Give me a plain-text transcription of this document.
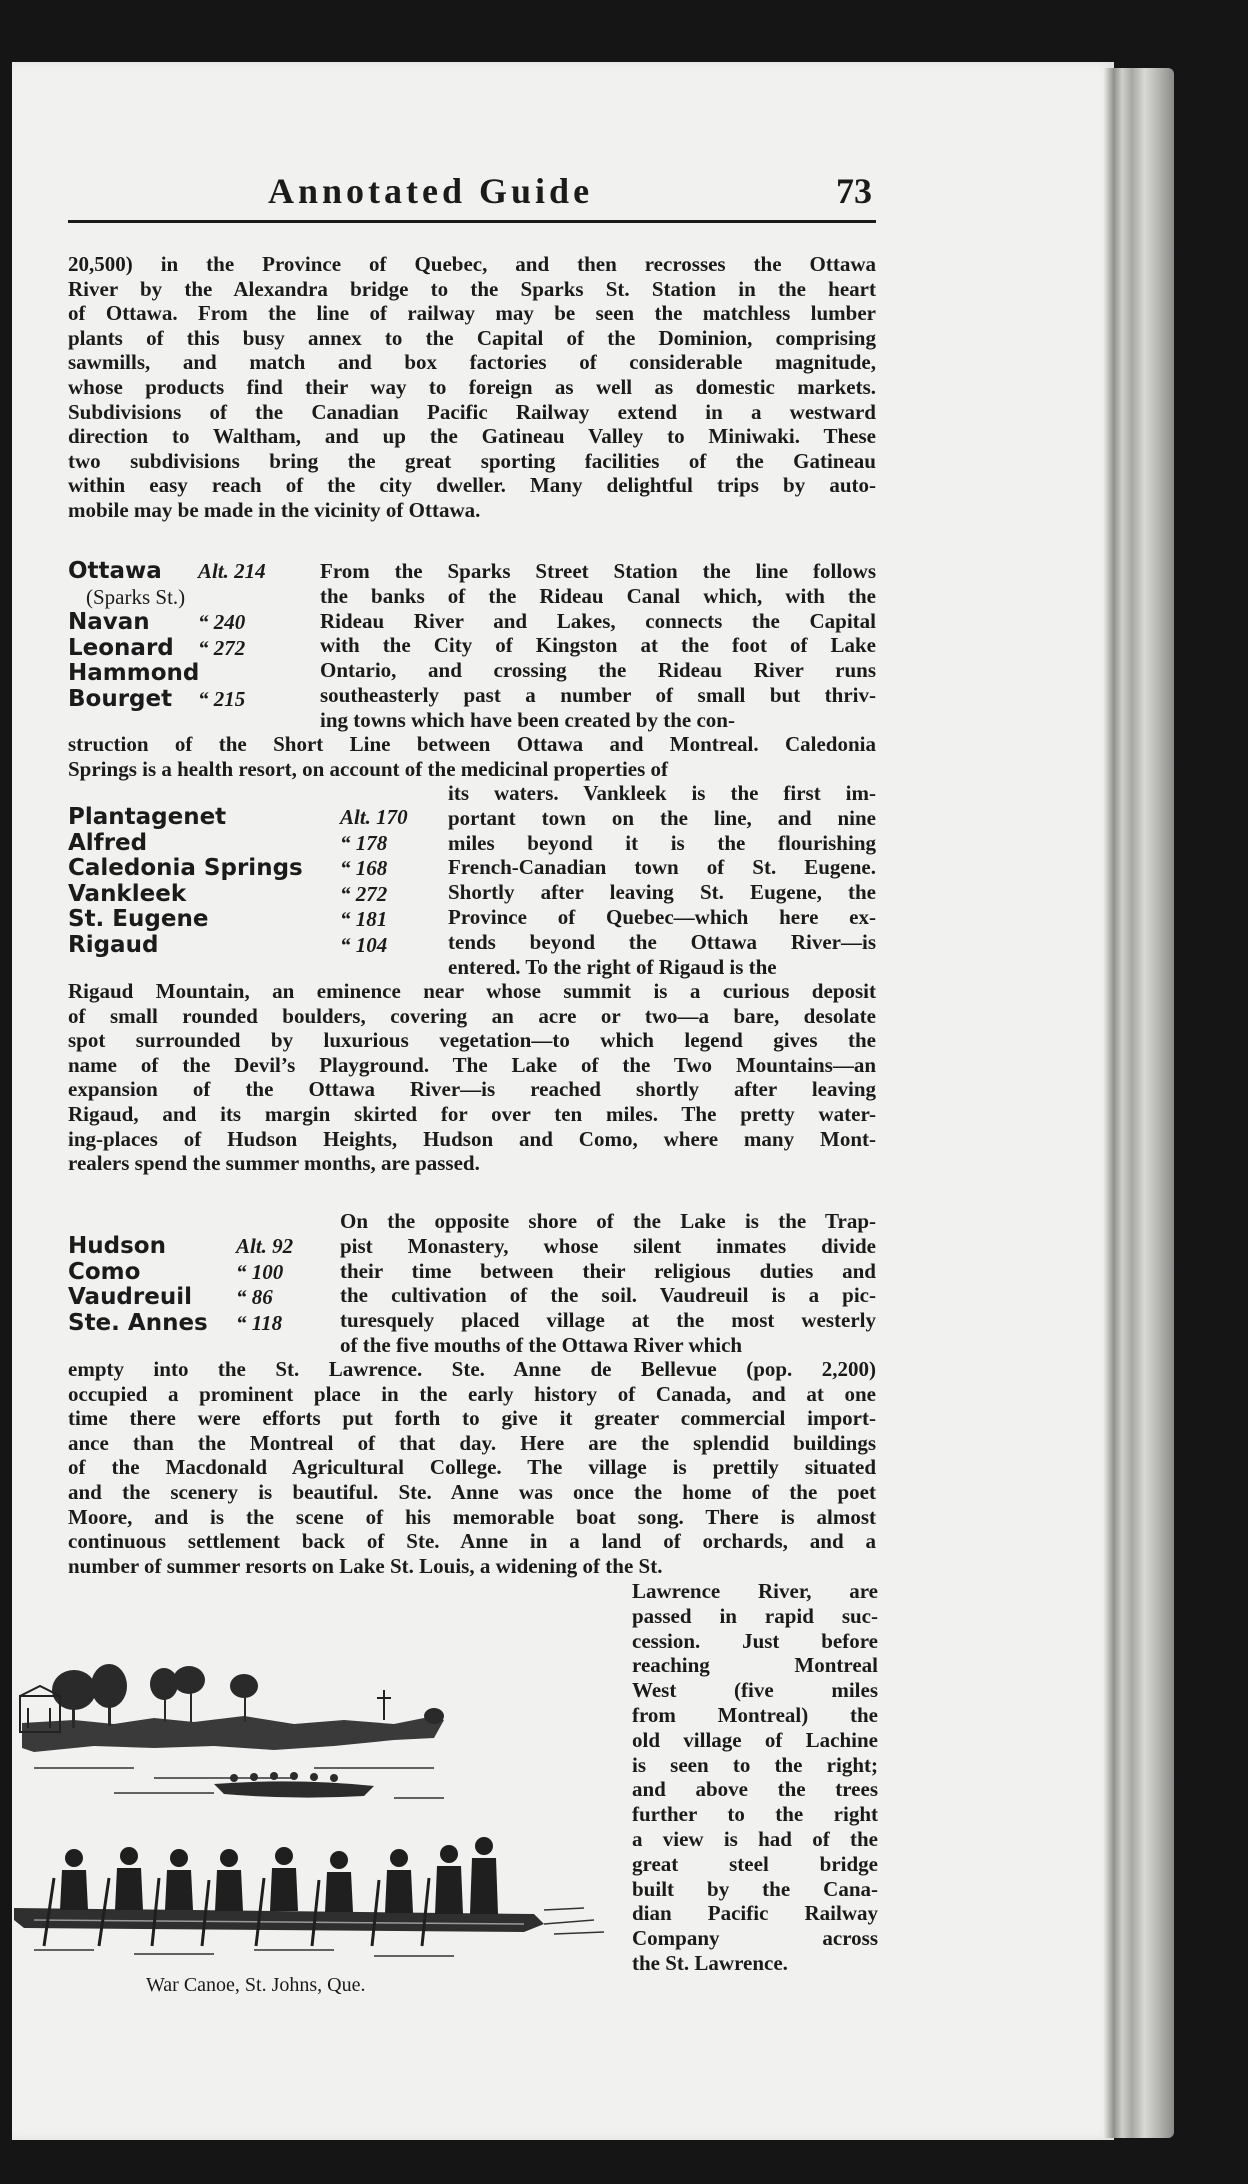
Annotated Guide	73

20,500) in the Province of Quebec, and then recrosses the Ottawa

River by the Alexandra bridge to the Sparks St. Station in the heart

of Ottawa. From the line of railway may be seen the matchless lumber

plants of this busy annex to the Capital of the Dominion, comprising

sawmills, and match and box factories of considerable magnitude,

whose products find their way to foreign as well as domestic markets.

Subdivisions of the Canadian Pacific Railway extend in a westward

direction to Waltham, and up the Gatineau Valley to Miniwaki. These

two subdivisions bring the great sporting facilities of the Gatineau

within easy reach of the city dweller. Many delightful trips by auto-

mobile may be made in the vicinity of Ottawa.

Ottawa Alt. 214
(Sparks St.)
Navan “ 240
Leonard “ 272
Hammond
Bourget “ 215

From the Sparks Street Station the line follows

the banks of the Rideau Canal which, with the

Rideau River and Lakes, connects the Capital

with the City of Kingston at the foot of Lake

Ontario, and crossing the Rideau River runs

southeasterly past a number of small but thriv-

ing towns which have been created by the con-

struction of the Short Line between Ottawa and Montreal. Caledonia

Springs is a health resort, on account of the medicinal properties of

Plantagenet	Alt. 170
Alfred	“ 178
Caledonia Springs “ 168
Vankleek	“ 272
St. Eugene	“ 181
Rigaud	“ 104

its waters. Vankleek is the first im-

portant town on the line, and nine

miles beyond it is the flourishing

French-Canadian town of St. Eugene.

Shortly after leaving St. Eugene, the

Province of Quebec—which here ex-

tends beyond the Ottawa River—is

entered. To the right of Rigaud is the

Rigaud Mountain, an eminence near whose summit is a curious deposit

of small rounded boulders, covering an acre or two—a bare, desolate

spot surrounded by luxurious vegetation—to which legend gives the

name of the Devil’s Playground. The Lake of the Two Mountains—an

expansion of the Ottawa River—is reached shortly after leaving

Rigaud, and its margin skirted for over ten miles. The pretty water-

ing-places of Hudson Heights, Hudson and Como, where many Mont-

realers spend the summer months, are passed.

Hudson	Alt. 92
Como	“ 100
Vaudreuil “ 86
Ste. Annes “ 118

On the opposite shore of the Lake is the Trap-

pist Monastery, whose silent inmates divide

their time between their religious duties and

the cultivation of the soil. Vaudreuil is a pic-

turesquely placed village at the most westerly

of the five mouths of the Ottawa River which

empty into the St. Lawrence. Ste. Anne de Bellevue (pop. 2,200)

occupied a prominent place in the early history of Canada, and at one

time there were efforts put forth to give it greater commercial import-

ance than the Montreal of that day. Here are the splendid buildings

of the Macdonald Agricultural College. The village is prettily situated

and the scenery is beautiful. Ste. Anne was once the home of the poet

Moore, and is the scene of his memorable boat song. There is almost

continuous settlement back of Ste. Anne in a land of orchards, and a

number of summer resorts on Lake St. Louis, a widening of the St.

Lawrence River, are

passed in rapid suc-

cession. Just before

reaching Montreal

West (five miles

from Montreal) the

old village of Lachine

is seen to the right;

and above the trees

further to the right

a view is had of the

great steel bridge

built by the Cana-

dian Pacific Railway

Company across

the St. Lawrence.

War Canoe, St. Johns, Que.
